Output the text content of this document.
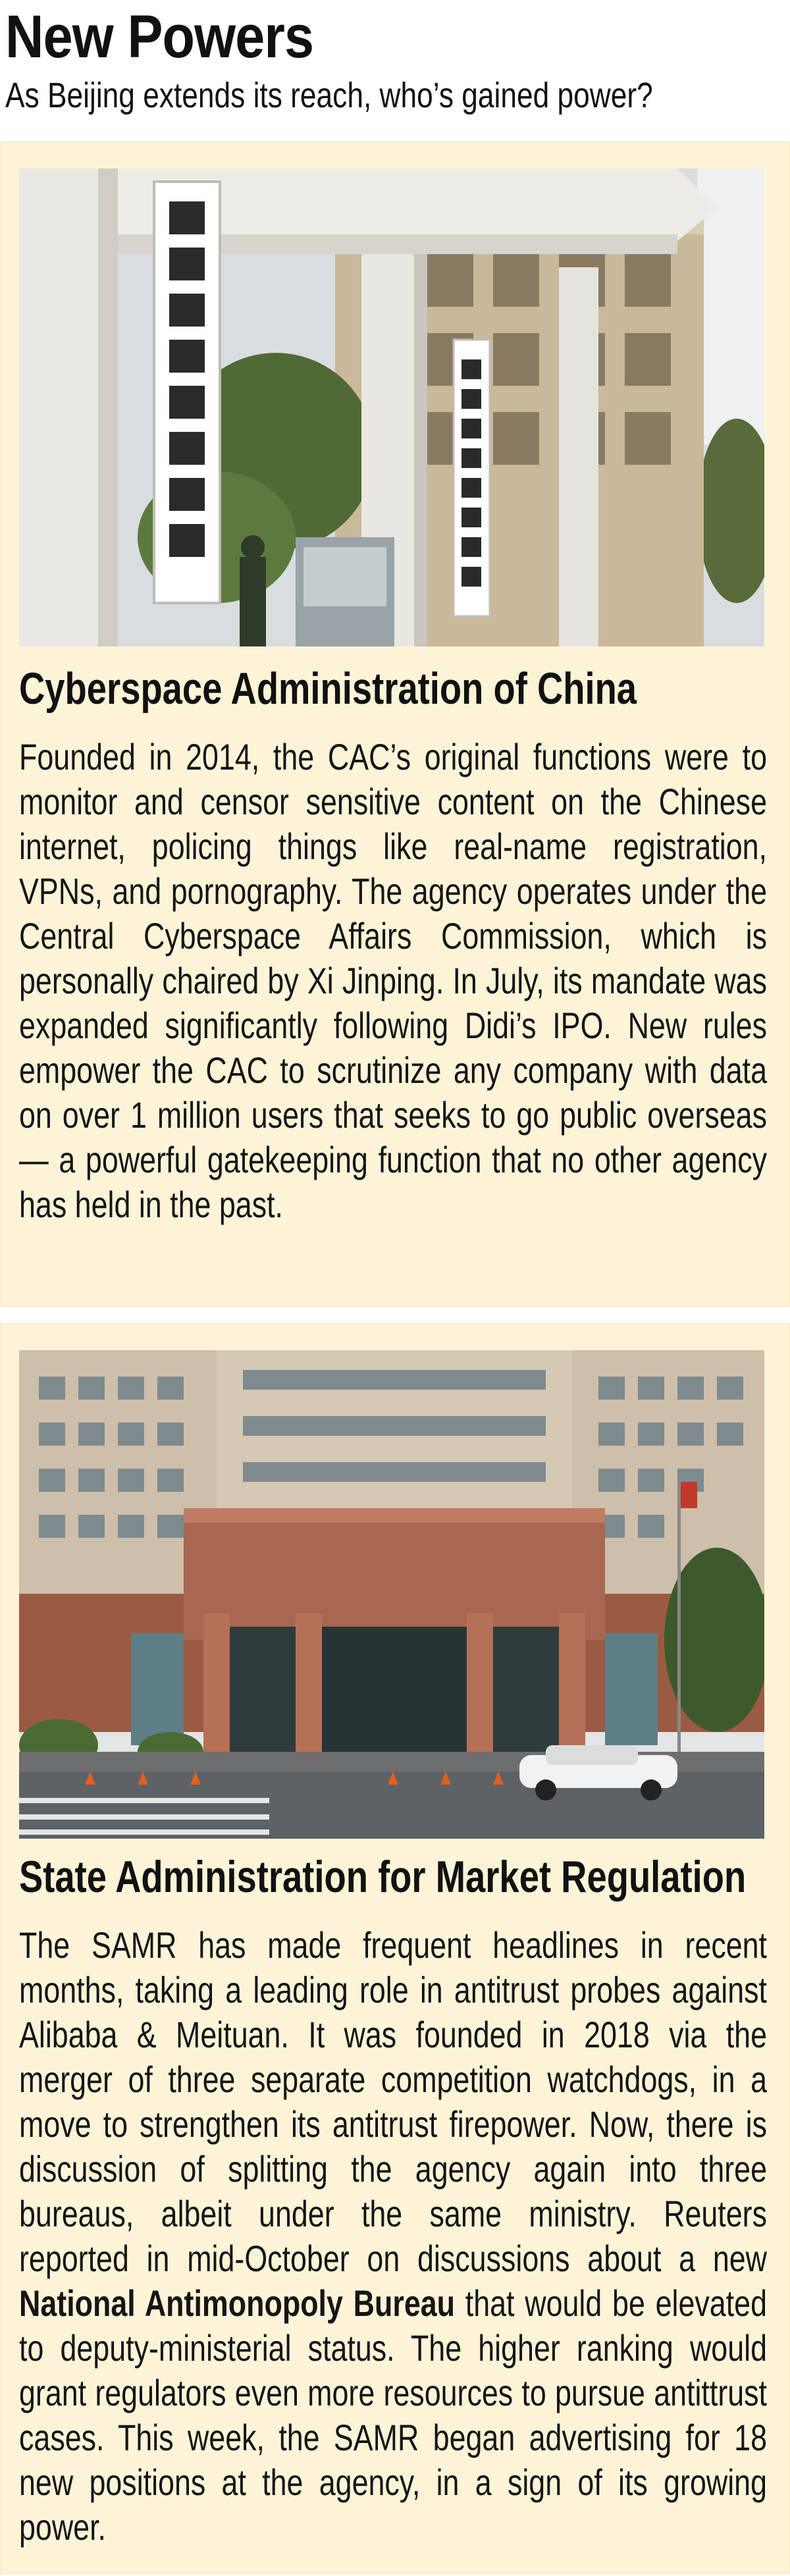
New Powers
As Beijing extends its reach, who’s gained power?
Cyberspace Administration of China

Founded in 2014, the CAC’s original functions were to monitor and censor sensitive content on the Chinese internet, policing things like real-name registration, VPNs, and pornography. The agency operates under the Central Cyberspace Affairs Commission, which is personally chaired by Xi Jinping. In July, its mandate was expanded significantly following Didi’s IPO. New rules empower the CAC to scrutinize any company with data on over 1 million users that seeks to go public overseas — a powerful gatekeeping function that no other agency has held in the past.

State Administration for Market Regulation

The SAMR has made frequent headlines in recent months, taking a leading role in antitrust probes against Alibaba & Meituan. It was founded in 2018 via the merger of three separate competition watchdogs, in a move to strengthen its antitrust firepower. Now, there is discussion of splitting the agency again into three bureaus, albeit under the same ministry. Reuters reported in mid-October on discussions about a new National Antimonopoly Bureau that would be elevated to deputy-ministerial status. The higher ranking would grant regulators even more resources to pursue antittrust cases. This week, the SAMR began advertising for 18 new positions at the agency, in a sign of its growing power.
